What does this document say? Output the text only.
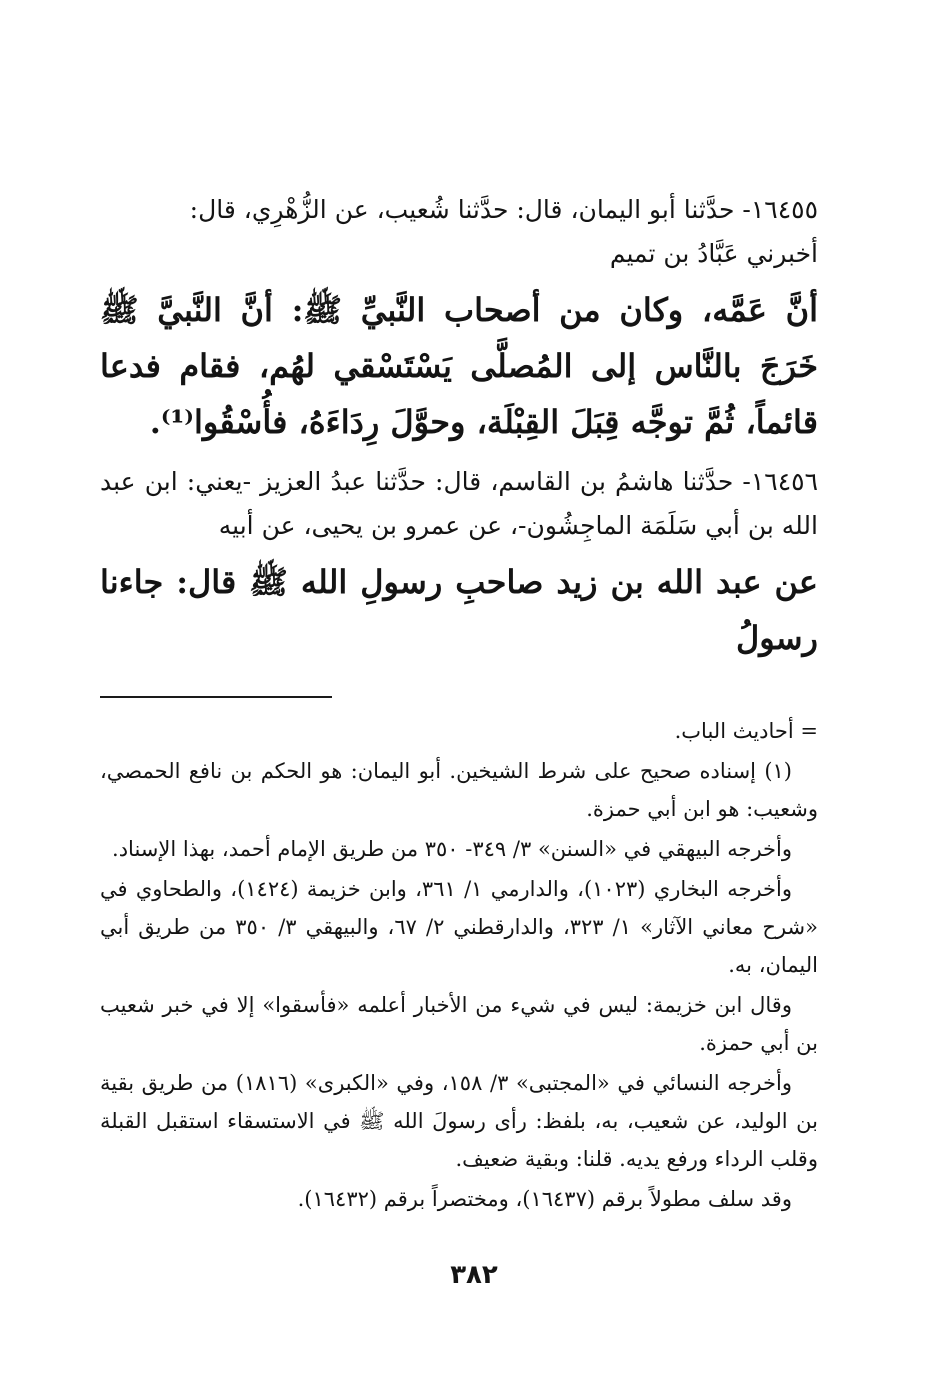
١٦٤٥٥- حدَّثنا أبو اليمان، قال: حدَّثنا شُعيب، عن الزُّهْرِي، قال:

أخبرني عَبَّادُ بن تميم

أنَّ عَمَّه، وكان من أصحاب النَّبيِّ ﷺ: أنَّ النَّبيَّ ﷺ خَرَجَ بالنَّاس إلى المُصلَّى يَسْتَسْقي لهُم، فقام فدعا قائماً، ثُمَّ توجَّه قِبَلَ القِبْلَة، وحوَّلَ رِدَاءَهُ، فأُسْقُوا⁽¹⁾.

١٦٤٥٦- حدَّثنا هاشمُ بن القاسم، قال: حدَّثنا عبدُ العزيز -يعني: ابن عبد الله بن أبي سَلَمَة الماجِشُون-، عن عمرو بن يحيى، عن أبيه

عن عبد الله بن زيد صاحبِ رسولِ الله ﷺ قال: جاءنا رسولُ

= أحاديث الباب.

(١) إسناده صحيح على شرط الشيخين. أبو اليمان: هو الحكم بن نافع الحمصي، وشعيب: هو ابن أبي حمزة.

وأخرجه البيهقي في «السنن» ٣/ ٣٤٩- ٣٥٠ من طريق الإمام أحمد، بهذا الإسناد.

وأخرجه البخاري (١٠٢٣)، والدارمي ١/ ٣٦١، وابن خزيمة (١٤٢٤)، والطحاوي في «شرح معاني الآثار» ١/ ٣٢٣، والدارقطني ٢/ ٦٧، والبيهقي ٣/ ٣٥٠ من طريق أبي اليمان، به.

وقال ابن خزيمة: ليس في شيء من الأخبار أعلمه «فأسقوا» إلا في خبر شعيب بن أبي حمزة.

وأخرجه النسائي في «المجتبى» ٣/ ١٥٨، وفي «الكبرى» (١٨١٦) من طريق بقية بن الوليد، عن شعيب، به، بلفظ: رأى رسولَ الله ﷺ في الاستسقاء استقبل القبلة وقلب الرداء ورفع يديه. قلنا: وبقية ضعيف.

وقد سلف مطولاً برقم (١٦٤٣٧)، ومختصراً برقم (١٦٤٣٢).

٣٨٢
